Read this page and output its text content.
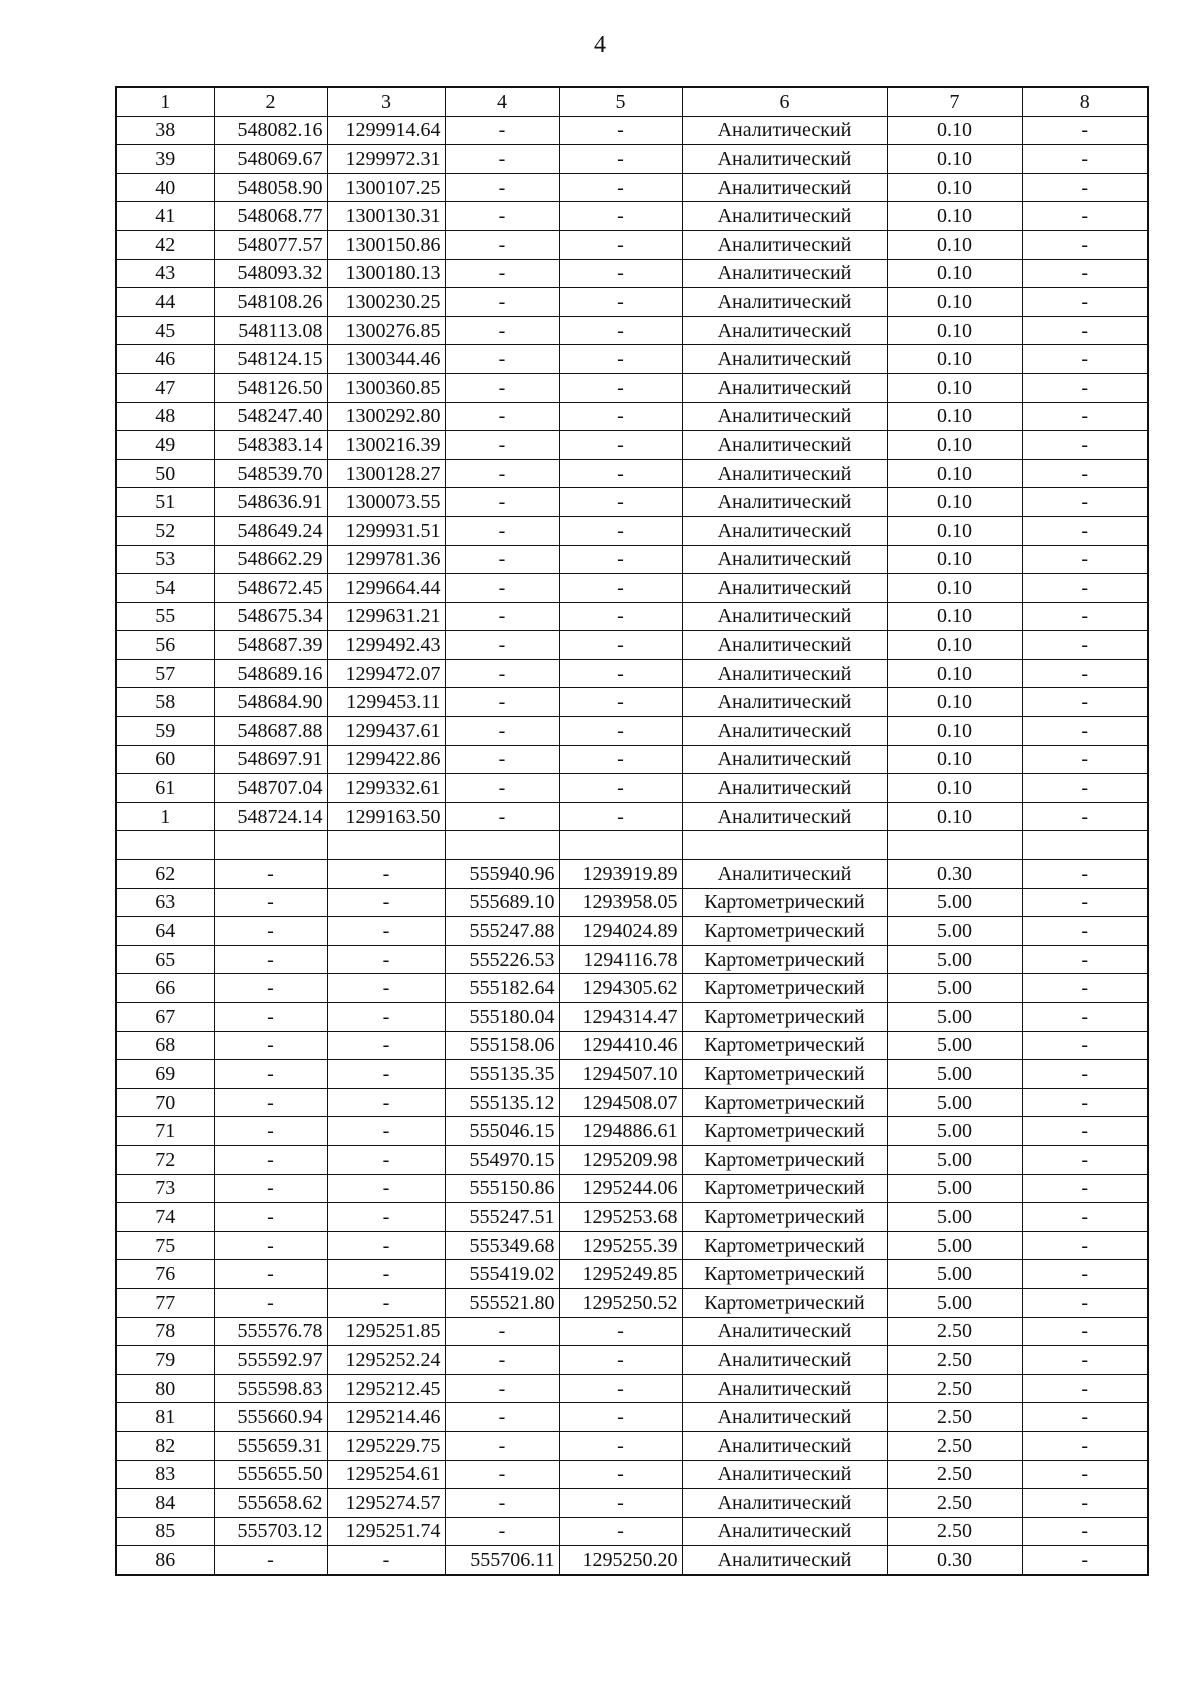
4
1	2	3	4	5	6	7	8
38	548082.16	1299914.64	-	-	Аналитический	0.10	-
39	548069.67	1299972.31	-	-	Аналитический	0.10	-
40	548058.90	1300107.25	-	-	Аналитический	0.10	-
41	548068.77	1300130.31	-	-	Аналитический	0.10	-
42	548077.57	1300150.86	-	-	Аналитический	0.10	-
43	548093.32	1300180.13	-	-	Аналитический	0.10	-
44	548108.26	1300230.25	-	-	Аналитический	0.10	-
45	548113.08	1300276.85	-	-	Аналитический	0.10	-
46	548124.15	1300344.46	-	-	Аналитический	0.10	-
47	548126.50	1300360.85	-	-	Аналитический	0.10	-
48	548247.40	1300292.80	-	-	Аналитический	0.10	-
49	548383.14	1300216.39	-	-	Аналитический	0.10	-
50	548539.70	1300128.27	-	-	Аналитический	0.10	-
51	548636.91	1300073.55	-	-	Аналитический	0.10	-
52	548649.24	1299931.51	-	-	Аналитический	0.10	-
53	548662.29	1299781.36	-	-	Аналитический	0.10	-
54	548672.45	1299664.44	-	-	Аналитический	0.10	-
55	548675.34	1299631.21	-	-	Аналитический	0.10	-
56	548687.39	1299492.43	-	-	Аналитический	0.10	-
57	548689.16	1299472.07	-	-	Аналитический	0.10	-
58	548684.90	1299453.11	-	-	Аналитический	0.10	-
59	548687.88	1299437.61	-	-	Аналитический	0.10	-
60	548697.91	1299422.86	-	-	Аналитический	0.10	-
61	548707.04	1299332.61	-	-	Аналитический	0.10	-
1	548724.14	1299163.50	-	-	Аналитический	0.10	-

62	-	-	555940.96	1293919.89	Аналитический	0.30	-
63	-	-	555689.10	1293958.05	Картометрический	5.00	-
64	-	-	555247.88	1294024.89	Картометрический	5.00	-
65	-	-	555226.53	1294116.78	Картометрический	5.00	-
66	-	-	555182.64	1294305.62	Картометрический	5.00	-
67	-	-	555180.04	1294314.47	Картометрический	5.00	-
68	-	-	555158.06	1294410.46	Картометрический	5.00	-
69	-	-	555135.35	1294507.10	Картометрический	5.00	-
70	-	-	555135.12	1294508.07	Картометрический	5.00	-
71	-	-	555046.15	1294886.61	Картометрический	5.00	-
72	-	-	554970.15	1295209.98	Картометрический	5.00	-
73	-	-	555150.86	1295244.06	Картометрический	5.00	-
74	-	-	555247.51	1295253.68	Картометрический	5.00	-
75	-	-	555349.68	1295255.39	Картометрический	5.00	-
76	-	-	555419.02	1295249.85	Картометрический	5.00	-
77	-	-	555521.80	1295250.52	Картометрический	5.00	-
78	555576.78	1295251.85	-	-	Аналитический	2.50	-
79	555592.97	1295252.24	-	-	Аналитический	2.50	-
80	555598.83	1295212.45	-	-	Аналитический	2.50	-
81	555660.94	1295214.46	-	-	Аналитический	2.50	-
82	555659.31	1295229.75	-	-	Аналитический	2.50	-
83	555655.50	1295254.61	-	-	Аналитический	2.50	-
84	555658.62	1295274.57	-	-	Аналитический	2.50	-
85	555703.12	1295251.74	-	-	Аналитический	2.50	-
86	-	-	555706.11	1295250.20	Аналитический	0.30	-
